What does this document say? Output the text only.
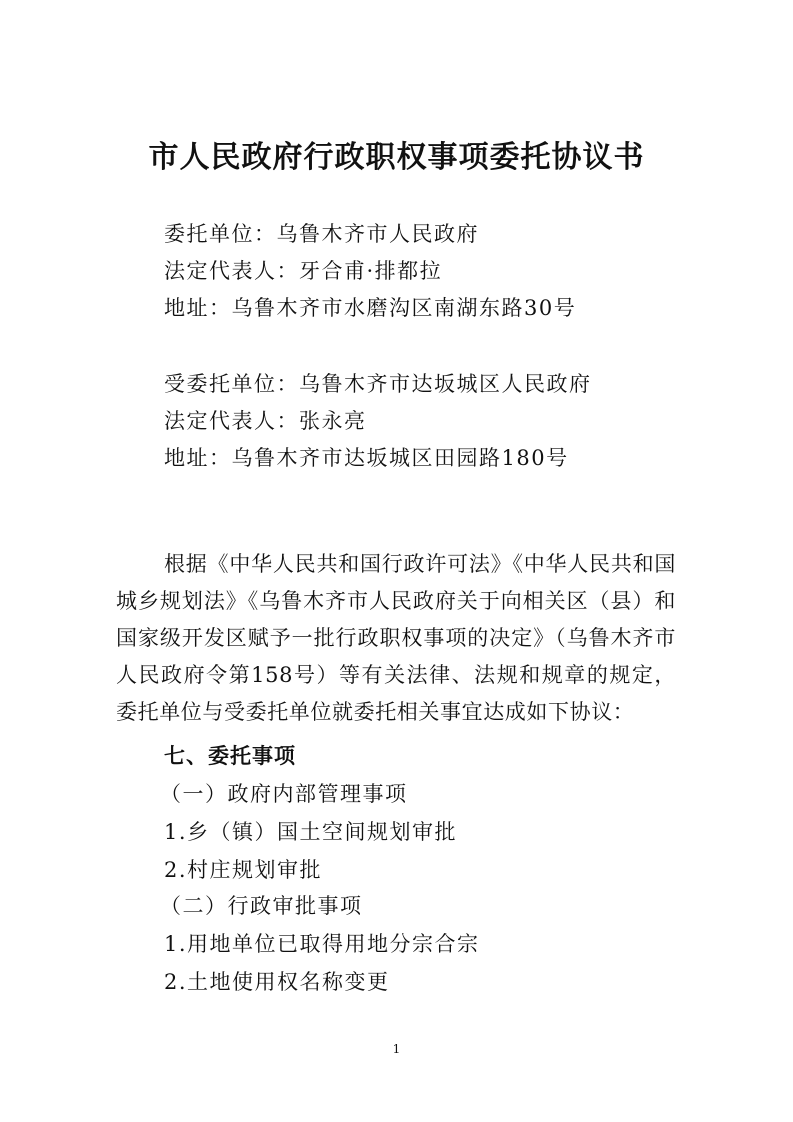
市人民政府行政职权事项委托协议书

委托单位：乌鲁木齐市人民政府

法定代表人：牙合甫·排都拉

地址：乌鲁木齐市水磨沟区南湖东路30号

受委托单位：乌鲁木齐市达坂城区人民政府

法定代表人：张永亮

地址：乌鲁木齐市达坂城区田园路180号

根据《中华人民共和国行政许可法》《中华人民共和国城乡规划法》《乌鲁木齐市人民政府关于向相关区（县）和国家级开发区赋予一批行政职权事项的决定》（乌鲁木齐市人民政府令第158号）等有关法律、法规和规章的规定，委托单位与受委托单位就委托相关事宜达成如下协议：

七、委托事项

（一）政府内部管理事项

1.乡（镇）国土空间规划审批

2.村庄规划审批

（二）行政审批事项

1.用地单位已取得用地分宗合宗

2.土地使用权名称变更

1
